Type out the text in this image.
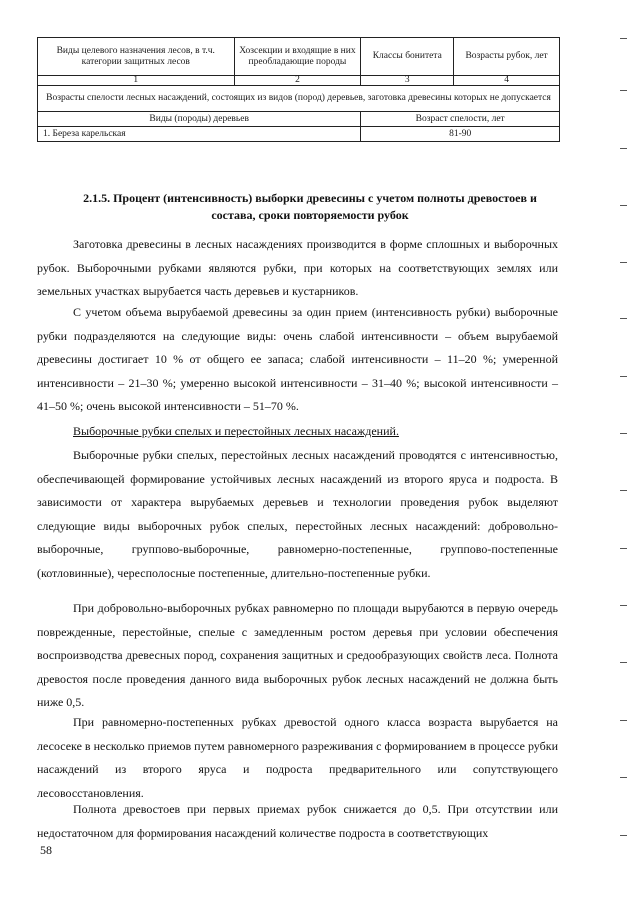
Виды целевого назначения лесов, в т.ч. категории защитных лесов	Хозсекции и входящие в них преобладающие породы	Классы бонитета	Возрасты рубок, лет
1	2	3	4
Возрасты спелости лесных насаждений, состоящих из видов (пород) деревьев, заготовка древесины которых не допускается			
Виды (породы) деревьев		Возраст спелости, лет	
1. Береза карельская		81-90	
2.1.5. Процент (интенсивность) выборки древесины с учетом полноты древостоев и состава, сроки повторяемости рубок
Заготовка древесины в лесных насаждениях производится в форме сплошных и выборочных рубок. Выборочными рубками являются рубки, при которых на соответствующих землях или земельных участках вырубается часть деревьев и кустарников.
С учетом объема вырубаемой древесины за один прием (интенсивность рубки) выборочные рубки подразделяются на следующие виды: очень слабой интенсивности – объем вырубаемой древесины достигает 10 % от общего ее запаса; слабой интенсивности – 11–20 %; умеренной интенсивности – 21–30 %; умеренно высокой интенсивности – 31–40 %; высокой интенсивности – 41–50 %; очень высокой интенсивности – 51–70 %.
Выборочные рубки спелых и перестойных лесных насаждений.
Выборочные рубки спелых, перестойных лесных насаждений проводятся с интенсивностью, обеспечивающей формирование устойчивых лесных насаждений из второго яруса и подроста. В зависимости от характера вырубаемых деревьев и технологии проведения рубок выделяют следующие виды выборочных рубок спелых, перестойных лесных насаждений: добровольно-выборочные, группово-выборочные, равномерно-постепенные, группово-постепенные (котловинные), чересполосные постепенные, длительно-постепенные рубки.
При добровольно-выборочных рубках равномерно по площади вырубаются в первую очередь поврежденные, перестойные, спелые с замедленным ростом деревья при условии обеспечения воспроизводства древесных пород, сохранения защитных и средообразующих свойств леса. Полнота древостоя после проведения данного вида выборочных рубок лесных насаждений не должна быть ниже 0,5.
При равномерно-постепенных рубках древостой одного класса возраста вырубается на лесосеке в несколько приемов путем равномерного разреживания с формированием в процессе рубки насаждений из второго яруса и подроста предварительного или сопутствующего лесовосстановления.
Полнота древостоев при первых приемах рубок снижается до 0,5. При отсутствии или недостаточном для формирования насаждений количестве подроста в соответствующих
58
